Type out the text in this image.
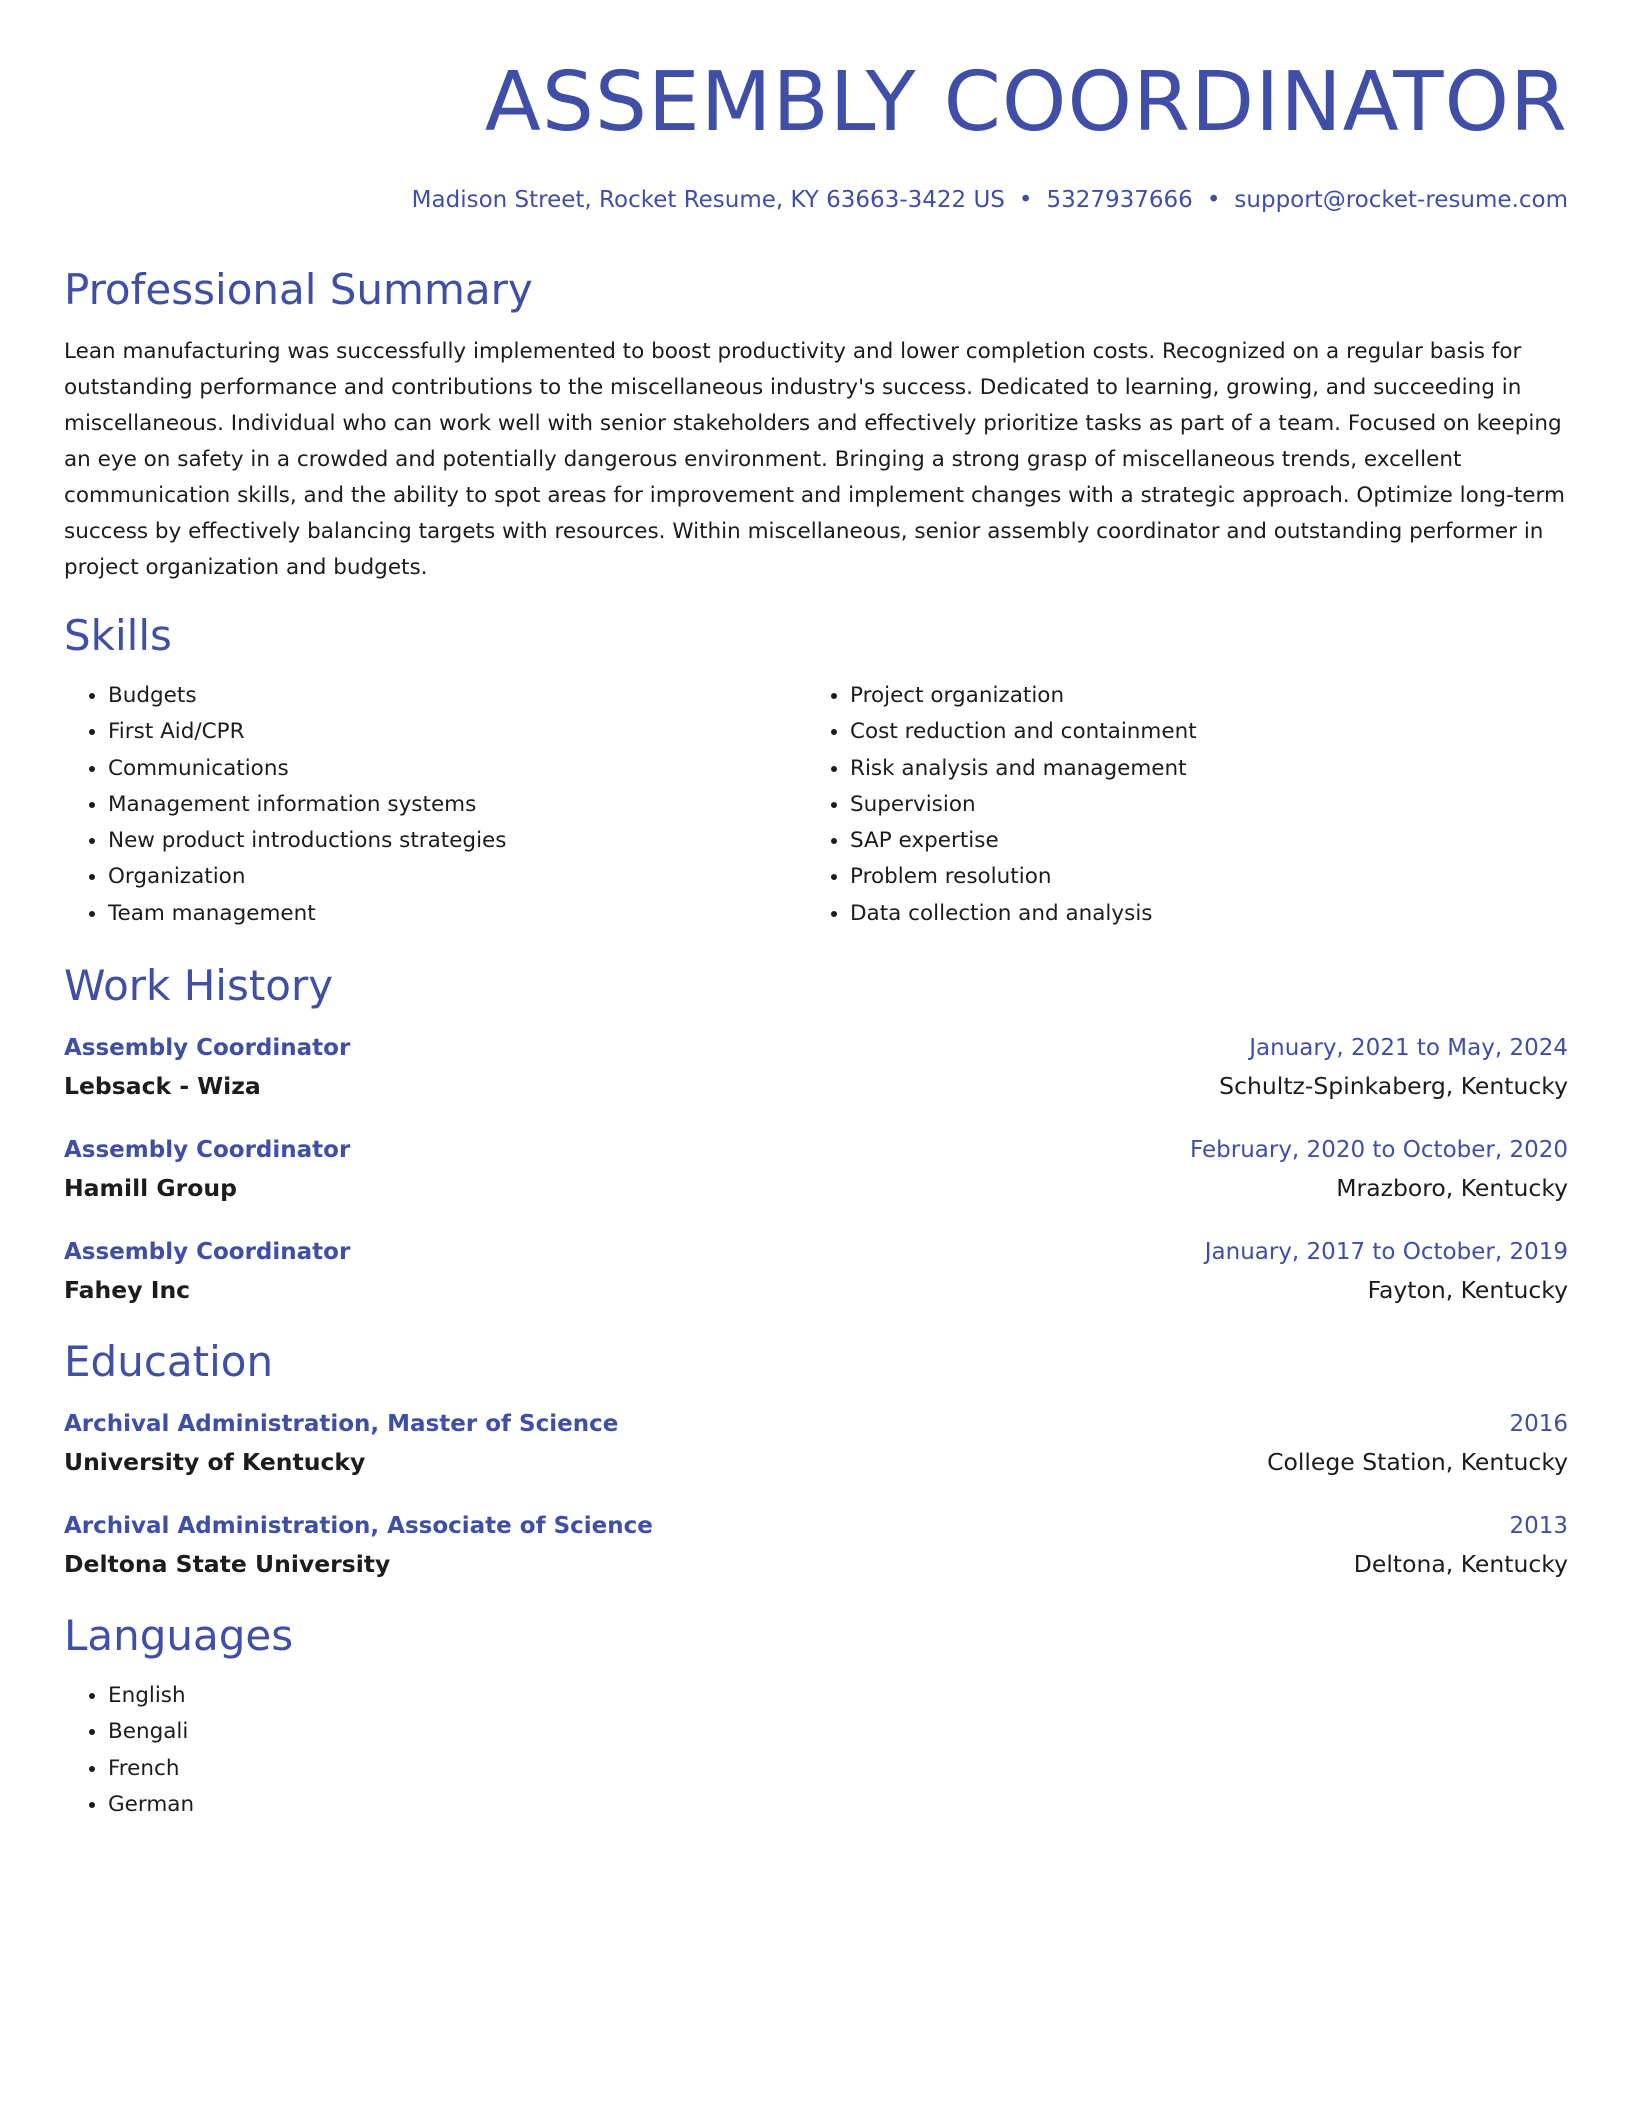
ASSEMBLY COORDINATOR
Madison Street, Rocket Resume, KY 63663-3422 US • 5327937666 • support@rocket-resume.com
Professional Summary
Lean manufacturing was successfully implemented to boost productivity and lower completion costs. Recognized on a regular basis for outstanding performance and contributions to the miscellaneous industry's success. Dedicated to learning, growing, and succeeding in miscellaneous. Individual who can work well with senior stakeholders and effectively prioritize tasks as part of a team. Focused on keeping an eye on safety in a crowded and potentially dangerous environment. Bringing a strong grasp of miscellaneous trends, excellent communication skills, and the ability to spot areas for improvement and implement changes with a strategic approach. Optimize long-term success by effectively balancing targets with resources. Within miscellaneous, senior assembly coordinator and outstanding performer in project organization and budgets.
Skills
• Budgets
• First Aid/CPR
• Communications
• Management information systems
• New product introductions strategies
• Organization
• Team management
• Project organization
• Cost reduction and containment
• Risk analysis and management
• Supervision
• SAP expertise
• Problem resolution
• Data collection and analysis
Work History
Assembly Coordinator	January, 2021 to May, 2024
Lebsack - Wiza	Schultz-Spinkaberg, Kentucky
Assembly Coordinator	February, 2020 to October, 2020
Hamill Group	Mrazboro, Kentucky
Assembly Coordinator	January, 2017 to October, 2019
Fahey Inc	Fayton, Kentucky
Education
Archival Administration, Master of Science	2016
University of Kentucky	College Station, Kentucky
Archival Administration, Associate of Science	2013
Deltona State University	Deltona, Kentucky
Languages
• English
• Bengali
• French
• German
